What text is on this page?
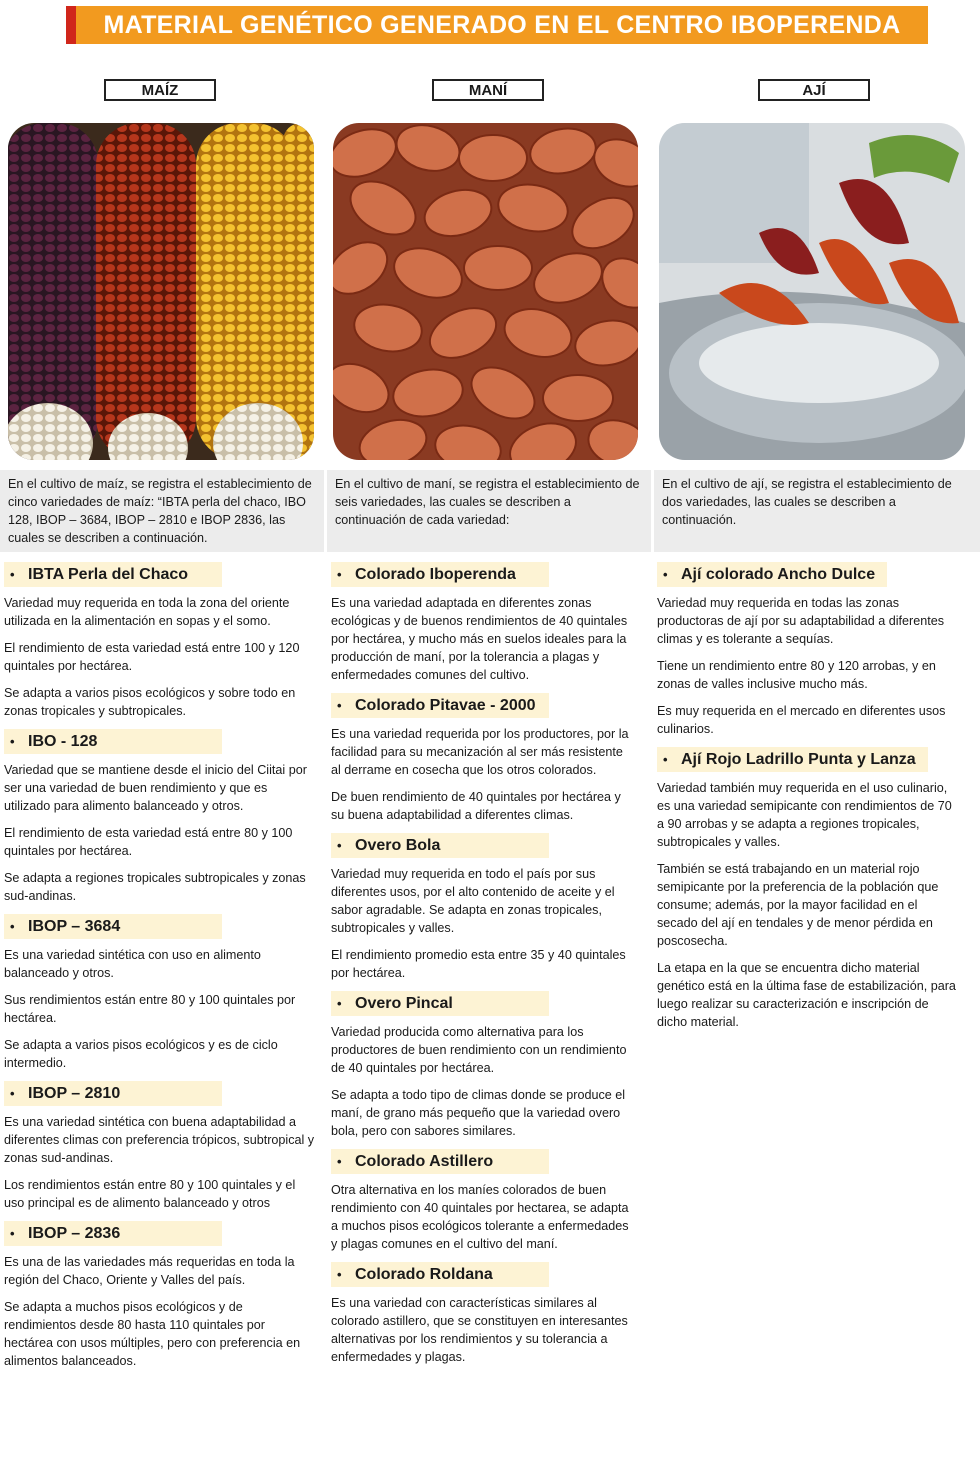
MATERIAL GENÉTICO GENERADO EN EL CENTRO IBOPERENDA
MAÍZ	MANÍ	AJÍ
En el cultivo de maíz, se registra el establecimiento de cinco variedades de maíz: “IBTA perla del chaco, IBO 128, IBOP – 3684, IBOP – 2810 e IBOP 2836, las cuales se describen a continuación.
En el cultivo de maní, se registra el establecimiento de seis variedades, las cuales se describen a continuación de cada variedad:
En el cultivo de ají, se registra el establecimiento de dos variedades, las cuales se describen a continuación.
• IBTA Perla del Chaco

Variedad muy requerida en toda la zona del oriente utilizada en la alimentación en sopas y el somo.

El rendimiento de esta variedad está entre 100 y 120 quintales por hectárea.

Se adapta a varios pisos ecológicos y sobre todo en zonas tropicales y subtropicales.

• IBO - 128

Variedad que se mantiene desde el inicio del Ciitai por ser una variedad de buen rendimiento y que es utilizado para alimento balanceado y otros.

El rendimiento de esta variedad está entre 80 y 100 quintales por hectárea.

Se adapta a regiones tropicales subtropicales y zonas sud-andinas.

• IBOP – 3684

Es una variedad sintética con uso en alimento balanceado y otros.

Sus rendimientos están entre 80 y 100 quintales por hectárea.

Se adapta a varios pisos ecológicos y es de ciclo intermedio.

• IBOP – 2810

Es una variedad sintética con buena adaptabilidad a diferentes climas con preferencia trópicos, subtropical y zonas sud-andinas.

Los rendimientos están entre 80 y 100 quintales y el uso principal es de alimento balanceado y otros

• IBOP – 2836

Es una de las variedades más requeridas en toda la región del Chaco, Oriente y Valles del país.

Se adapta a muchos pisos ecológicos y de rendimientos desde 80 hasta 110 quintales por hectárea con usos múltiples, pero con preferencia en alimentos balanceados.

• Colorado Iboperenda

Es una variedad adaptada en diferentes zonas ecológicas y de buenos rendimientos de 40 quintales por hectárea, y mucho más en suelos ideales para la producción de maní, por la tolerancia a plagas y enfermedades comunes del cultivo.

• Colorado Pitavae - 2000

Es una variedad requerida por los productores, por la facilidad para su mecanización al ser más resistente al derrame en cosecha que los otros colorados.

De buen rendimiento de 40 quintales por hectárea y su buena adaptabilidad a diferentes climas.

• Overo Bola

Variedad muy requerida en todo el país por sus diferentes usos, por el alto contenido de aceite y el sabor agradable. Se adapta en zonas tropicales, subtropicales y valles.

El rendimiento promedio esta entre 35 y 40 quintales por hectárea.

• Overo Pincal

Variedad producida como alternativa para los productores de buen rendimiento con un rendimiento de 40 quintales por hectárea.

Se adapta a todo tipo de climas donde se produce el maní, de grano más pequeño que la variedad overo bola, pero con sabores similares.

• Colorado Astillero

Otra alternativa en los maníes colorados de buen rendimiento con 40 quintales por hectarea, se adapta a muchos pisos ecológicos tolerante a enfermedades y plagas comunes en el cultivo del maní.

• Colorado Roldana

Es una variedad con características similares al colorado astillero, que se constituyen en interesantes alternativas por los rendimientos y su tolerancia a enfermedades y plagas.

• Ají colorado Ancho Dulce

Variedad muy requerida en todas las zonas productoras de ají por su adaptabilidad a diferentes climas y es tolerante a sequías.

Tiene un rendimiento entre 80 y 120 arrobas, y en zonas de valles inclusive mucho más.

Es muy requerida en el mercado en diferentes usos culinarios.

• Ají Rojo Ladrillo Punta y Lanza

Variedad también muy requerida en el uso culinario, es una variedad semipicante con rendimientos de 70 a 90 arrobas y se adapta a regiones tropicales, subtropicales y valles.

También se está trabajando en un material rojo semipicante por la preferencia de la población que consume; además, por la mayor facilidad en el secado del ají en tendales y de menor pérdida en poscosecha.

La etapa en la que se encuentra dicho material genético está en la última fase de estabilización, para luego realizar su caracterización e inscripción de dicho material.
